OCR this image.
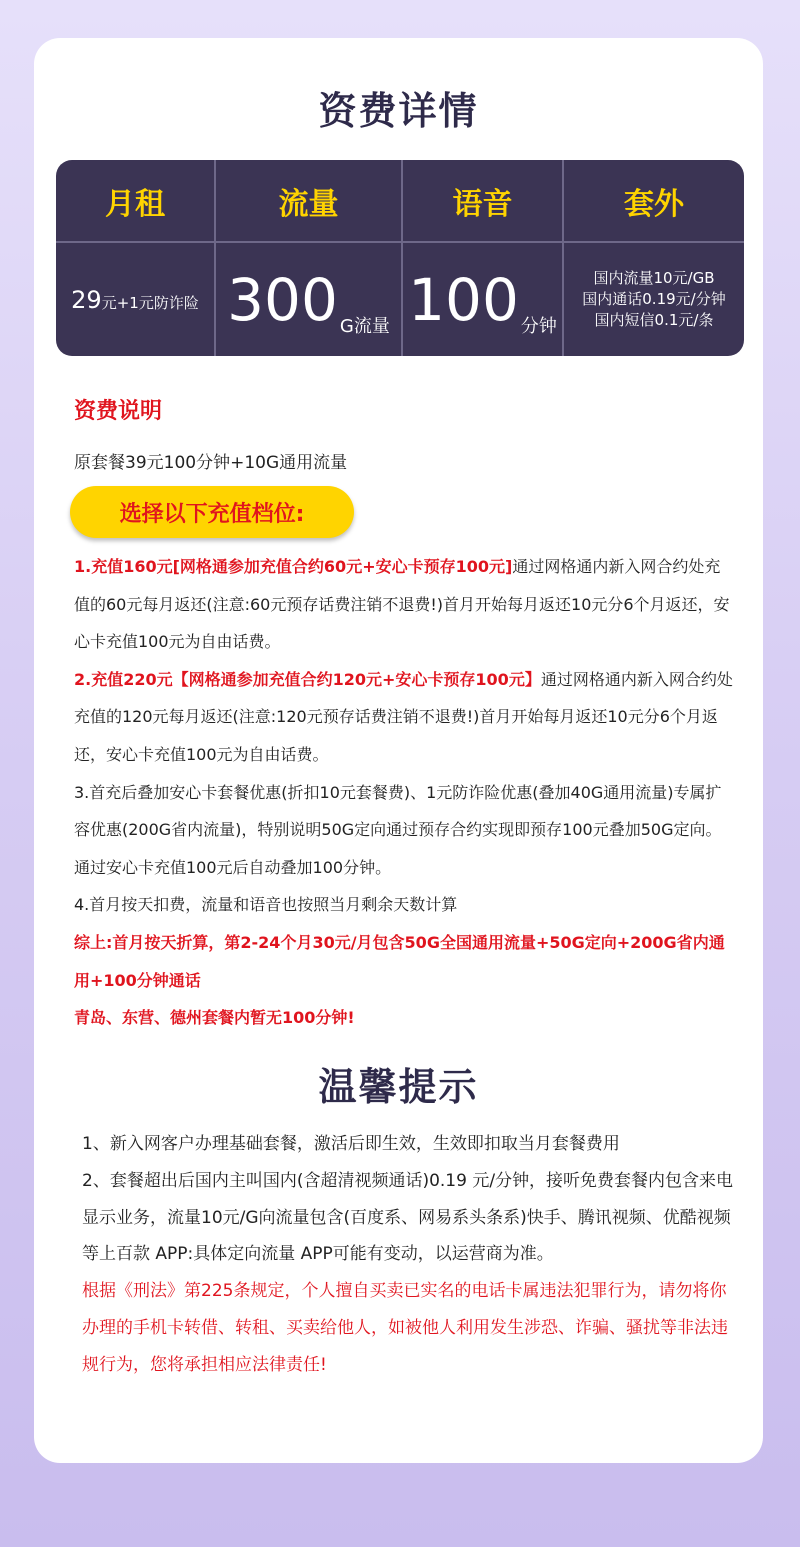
资费详情
月租	流量	语音	套外
29元+1元防诈险 300 $_{G流量}$ 100 $_{分钟}$
国内流量10元/GB
国内通话0.19元/分钟
国内短信0.1元/条
资费说明
原套餐39元100分钟+10G通用流量
选择以下充值档位:

1.充值160元[网格通参加充值合约60元+安心卡预存100元]通过网格通内新入网合约处充值的60元每月返还(注意:60元预存话费注销不退费!)首月开始每月返还10元分6个月返还，安心卡充值100元为自由话费。

2.充值220元【网格通参加充值合约120元+安心卡预存100元】通过网格通内新入网合约处充值的120元每月返还(注意:120元预存话费注销不退费!)首月开始每月返还10元分6个月返还，安心卡充值100元为自由话费。

3.首充后叠加安心卡套餐优惠(折扣10元套餐费)、1元防诈险优惠(叠加40G通用流量)专属扩容优惠(200G省内流量)，特别说明50G定向通过预存合约实现即预存100元叠加50G定向。通过安心卡充值100元后自动叠加100分钟。

4.首月按天扣费，流量和语音也按照当月剩余天数计算

综上:首月按天折算，第2-24个月30元/月包含50G全国通用流量+50G定向+200G省内通用+100分钟通话

青岛、东营、德州套餐内暂无100分钟!

温馨提示

1、新入网客户办理基础套餐，激活后即生效，生效即扣取当月套餐费用

2、套餐超出后国内主叫国内(含超清视频通话)0.19 元/分钟，接听免费套餐内包含来电显示业务，流量10元/G向流量包含(百度系、网易系头条系)快手、腾讯视频、优酷视频等上百款 APP:具体定向流量 APP可能有变动，以运营商为准。

根据《刑法》第225条规定，个人擅自买卖已实名的电话卡属违法犯罪行为，请勿将你办理的手机卡转借、转租、买卖给他人，如被他人利用发生涉恐、诈骗、骚扰等非法违规行为，您将承担相应法律责任!
